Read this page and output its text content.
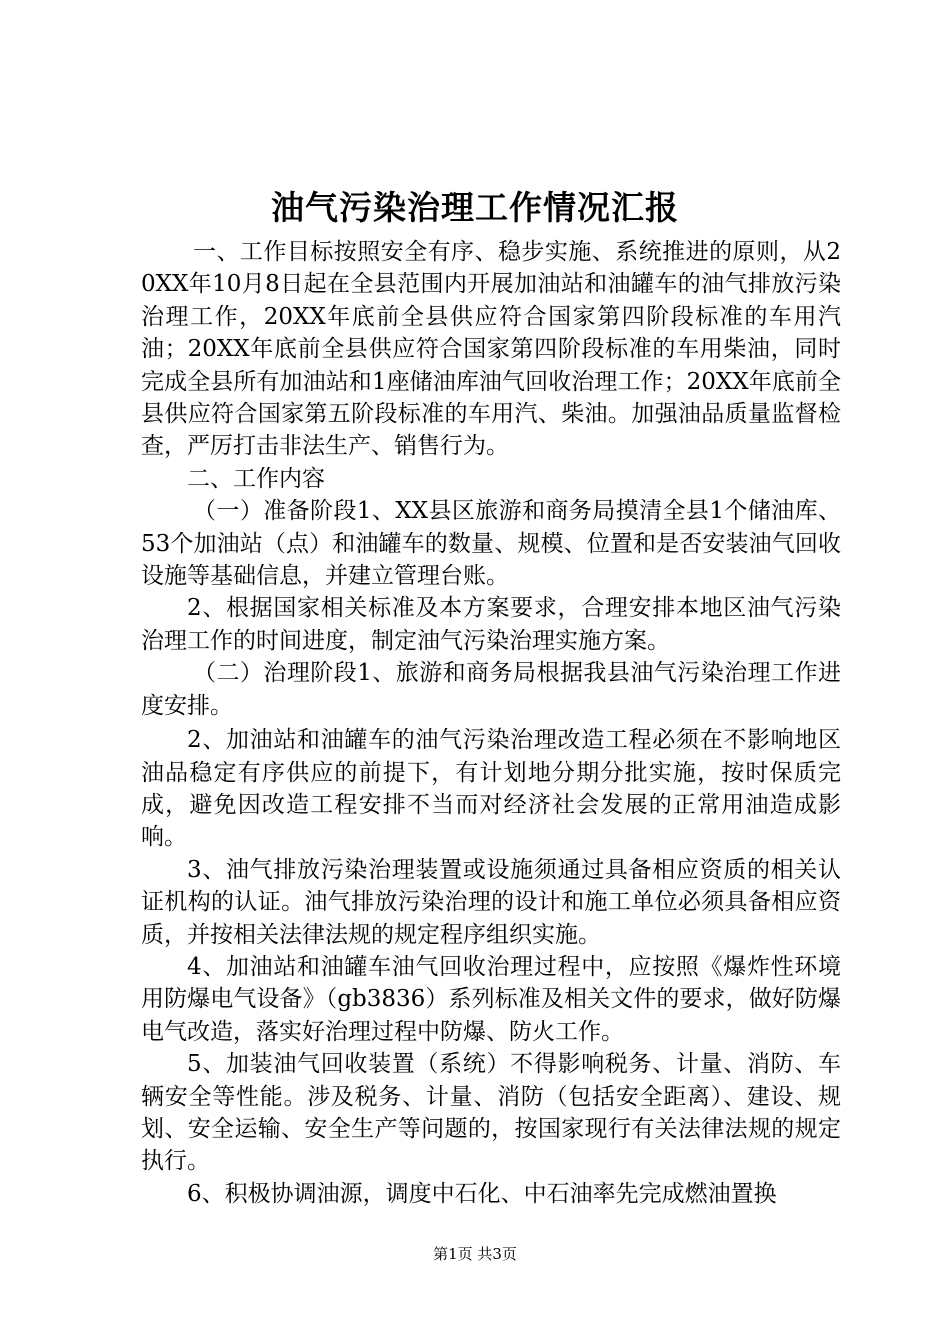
油气污染治理工作情况汇报

一、工作目标按照安全有序、稳步实施、系统推进的原则，从20XX年10月8日起在全县范围内开展加油站和油罐车的油气排放污染治理工作，20XX年底前全县供应符合国家第四阶段标准的车用汽油；20XX年底前全县供应符合国家第四阶段标准的车用柴油，同时完成全县所有加油站和1座储油库油气回收治理工作；20XX年底前全县供应符合国家第五阶段标准的车用汽、柴油。加强油品质量监督检查，严厉打击非法生产、销售行为。

二、工作内容

（一）准备阶段1、XX县区旅游和商务局摸清全县1个储油库、53个加油站（点）和油罐车的数量、规模、位置和是否安装油气回收设施等基础信息，并建立管理台账。

2、根据国家相关标准及本方案要求，合理安排本地区油气污染治理工作的时间进度，制定油气污染治理实施方案。

（二）治理阶段1、旅游和商务局根据我县油气污染治理工作进度安排。

2、加油站和油罐车的油气污染治理改造工程必须在不影响地区油品稳定有序供应的前提下，有计划地分期分批实施，按时保质完成，避免因改造工程安排不当而对经济社会发展的正常用油造成影响。

3、油气排放污染治理装置或设施须通过具备相应资质的相关认证机构的认证。油气排放污染治理的设计和施工单位必须具备相应资质，并按相关法律法规的规定程序组织实施。

4、加油站和油罐车油气回收治理过程中，应按照《爆炸性环境用防爆电气设备》（gb3836）系列标准及相关文件的要求，做好防爆电气改造，落实好治理过程中防爆、防火工作。

5、加装油气回收装置（系统）不得影响税务、计量、消防、车辆安全等性能。涉及税务、计量、消防（包括安全距离）、建设、规划、安全运输、安全生产等问题的，按国家现行有关法律法规的规定执行。

6、积极协调油源，调度中石化、中石油率先完成燃油置换

第1页 共3页
